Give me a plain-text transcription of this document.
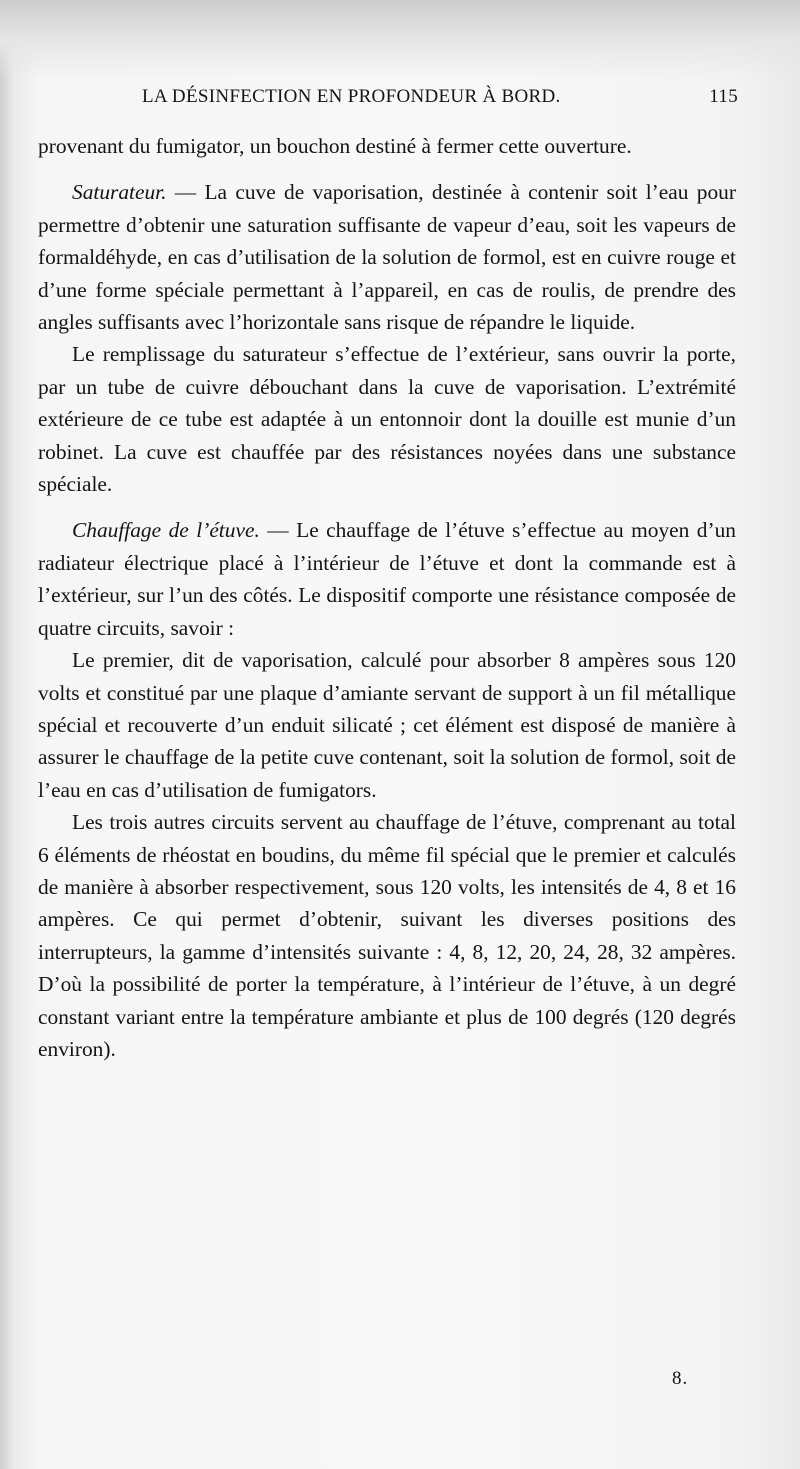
LA DÉSINFECTION EN PROFONDEUR À BORD.	115

provenant du fumigator, un bouchon destiné à fermer cette ouverture.

Saturateur. — La cuve de vaporisation, destinée à contenir soit l’eau pour permettre d’obtenir une saturation suffisante de vapeur d’eau, soit les vapeurs de formaldéhyde, en cas d’utilisation de la solution de formol, est en cuivre rouge et d’une forme spéciale permettant à l’appareil, en cas de roulis, de prendre des angles suffisants avec l’horizontale sans risque de répandre le liquide.

Le remplissage du saturateur s’effectue de l’extérieur, sans ouvrir la porte, par un tube de cuivre débouchant dans la cuve de vaporisation. L’extrémité extérieure de ce tube est adaptée à un entonnoir dont la douille est munie d’un robinet. La cuve est chauffée par des résistances noyées dans une substance spéciale.

Chauffage de l’étuve. — Le chauffage de l’étuve s’effectue au moyen d’un radiateur électrique placé à l’intérieur de l’étuve et dont la commande est à l’extérieur, sur l’un des côtés. Le dispositif comporte une résistance composée de quatre circuits, savoir :

Le premier, dit de vaporisation, calculé pour absorber 8 ampères sous 120 volts et constitué par une plaque d’amiante servant de support à un fil métallique spécial et recouverte d’un enduit silicaté ; cet élément est disposé de manière à assurer le chauffage de la petite cuve contenant, soit la solution de formol, soit de l’eau en cas d’utilisation de fumigators.

Les trois autres circuits servent au chauffage de l’étuve, comprenant au total 6 éléments de rhéostat en boudins, du même fil spécial que le premier et calculés de manière à absorber respectivement, sous 120 volts, les intensités de 4, 8 et 16 ampères. Ce qui permet d’obtenir, suivant les diverses positions des interrupteurs, la gamme d’intensités suivante : 4, 8, 12, 20, 24, 28, 32 ampères. D’où la possibilité de porter la température, à l’intérieur de l’étuve, à un degré constant variant entre la température ambiante et plus de 100 degrés (120 degrés environ).

8.
